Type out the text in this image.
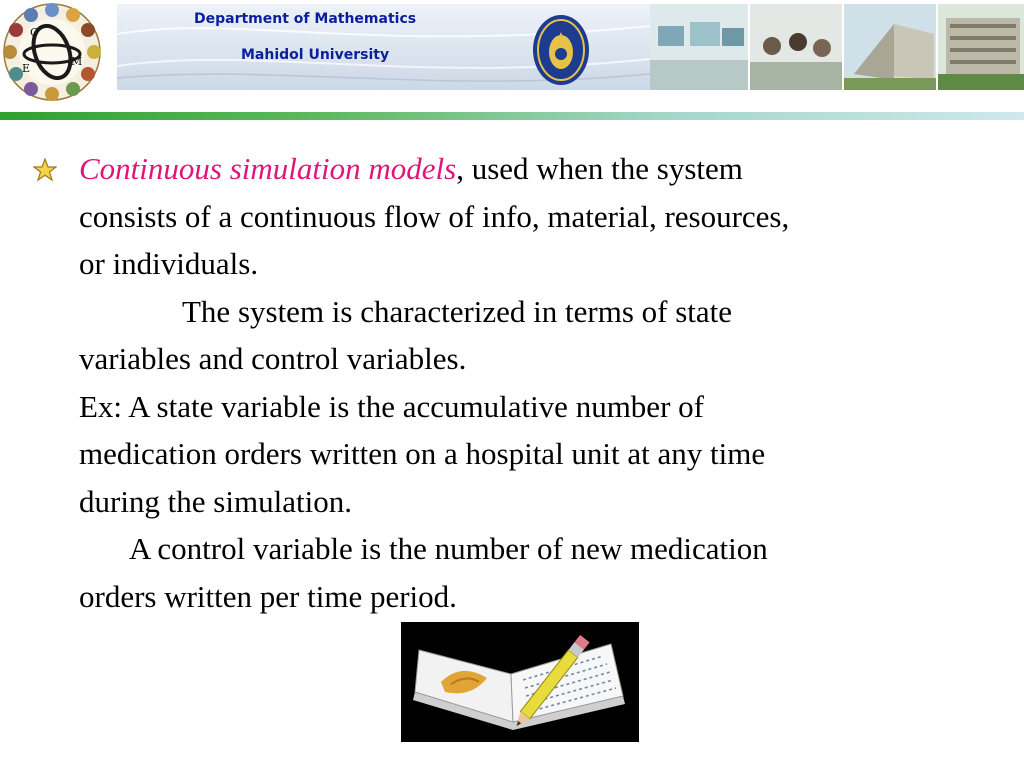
C
E
M
Department of Mathematics
Mahidol University
Continuous simulation models, used when the system
consists of a continuous flow of info, material, resources,
or individuals.
The system is characterized in terms of state
variables and control variables.
Ex: A state variable is the accumulative number of
medication orders written on a hospital unit at any time
during the simulation.
A control variable is the number of new medication
orders written per time period.
